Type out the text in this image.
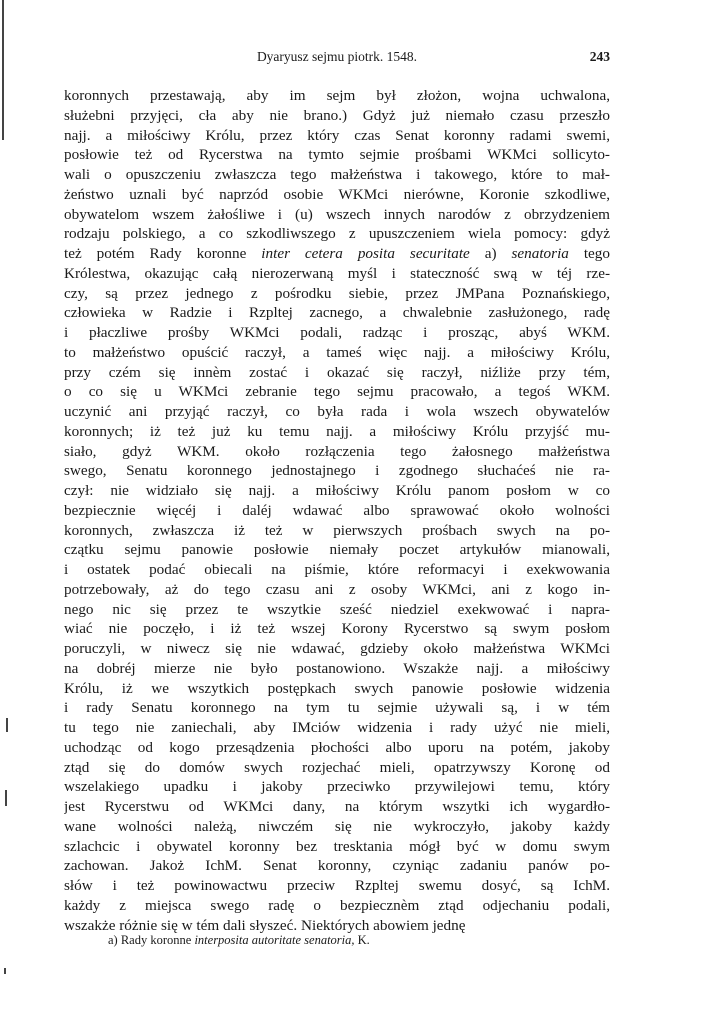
Dyaryusz sejmu piotrk. 1548.	243
koronnych przestawają, aby im sejm był złożon, wojna uchwalona,
służebni przyjęci, cła aby nie brano.) Gdyż już niemało czasu przeszło
najj. a miłościwy Królu, przez który czas Senat koronny radami swemi,
posłowie też od Rycerstwa na tymto sejmie prośbami WKMci sollicyto-
wali o opuszczeniu zwłaszcza tego małżeństwa i takowego, które to mał-
żeństwo uznali być naprzód osobie WKMci nierówne, Koronie szkodliwe,
obywatelom wszem żałośliwe i (u) wszech innych narodów z obrzydzeniem
rodzaju polskiego, a co szkodliwszego z upuszczeniem wiela pomocy: gdyż
też potém Rady koronne inter cetera posita securitate a) senatoria tego
Królestwa, okazując całą nierozerwaną myśl i stateczność swą w téj rze-
czy, są przez jednego z pośrodku siebie, przez JMPana Poznańskiego,
człowieka w Radzie i Rzpltej zacnego, a chwalebnie zasłużonego, radę
i płaczliwe prośby WKMci podali, radząc i prosząc, abyś WKM.
to małżeństwo opuścić raczył, a tameś więc najj. a miłościwy Królu,
przy czém się innèm zostać i okazać się raczył, niźliże przy tém,
o co się u WKMci zebranie tego sejmu pracowało, a tegoś WKM.
uczynić ani przyjąć raczył, co była rada i wola wszech obywatelów
koronnych; iż też już ku temu najj. a miłościwy Królu przyjść mu-
siało, gdyż WKM. około rozłączenia tego żałosnego małżeństwa
swego, Senatu koronnego jednostajnego i zgodnego słuchaćeś nie ra-
czył: nie widziało się najj. a miłościwy Królu panom posłom w co
bezpiecznie więcéj i daléj wdawać albo sprawować około wolności
koronnych, zwłaszcza iż też w pierwszych prośbach swych na po-
czątku sejmu panowie posłowie niemały poczet artykułów mianowali,
i ostatek podać obiecali na piśmie, które reformacyi i exekwowania
potrzebowały, aż do tego czasu ani z osoby WKMci, ani z kogo in-
nego nic się przez te wszytkie sześć niedziel exekwować i napra-
wiać nie poczęło, i iż też wszej Korony Rycerstwo są swym posłom
poruczyli, w niwecz się nie wdawać, gdzieby około małżeństwa WKMci
na dobréj mierze nie było postanowiono. Wszakże najj. a miłościwy
Królu, iż we wszytkich postępkach swych panowie posłowie widzenia
i rady Senatu koronnego na tym tu sejmie używali są, i w tém
tu tego nie zaniechali, aby IMciów widzenia i rady użyć nie mieli,
uchodząc od kogo przesądzenia płochości albo uporu na potém, jakoby
ztąd się do domów swych rozjechać mieli, opatrzywszy Koronę od
wszelakiego upadku i jakoby przeciwko przywilejowi temu, który
jest Rycerstwu od WKMci dany, na którym wszytki ich wygardło-
wane wolności należą, niwczém się nie wykroczyło, jakoby każdy
szlachcic i obywatel koronny bez tresktania mógł być w domu swym
zachowan. Jakoż IchM. Senat koronny, czyniąc zadaniu panów po-
słów i też powinowactwu przeciw Rzpltej swemu dosyć, są IchM.
każdy z miejsca swego radę o bezpiecznèm ztąd odjechaniu podali,
wszakże różnie się w tém dali słyszeć. Niektórych abowiem jednę
a) Rady koronne interposita autoritate senatoria, K.
